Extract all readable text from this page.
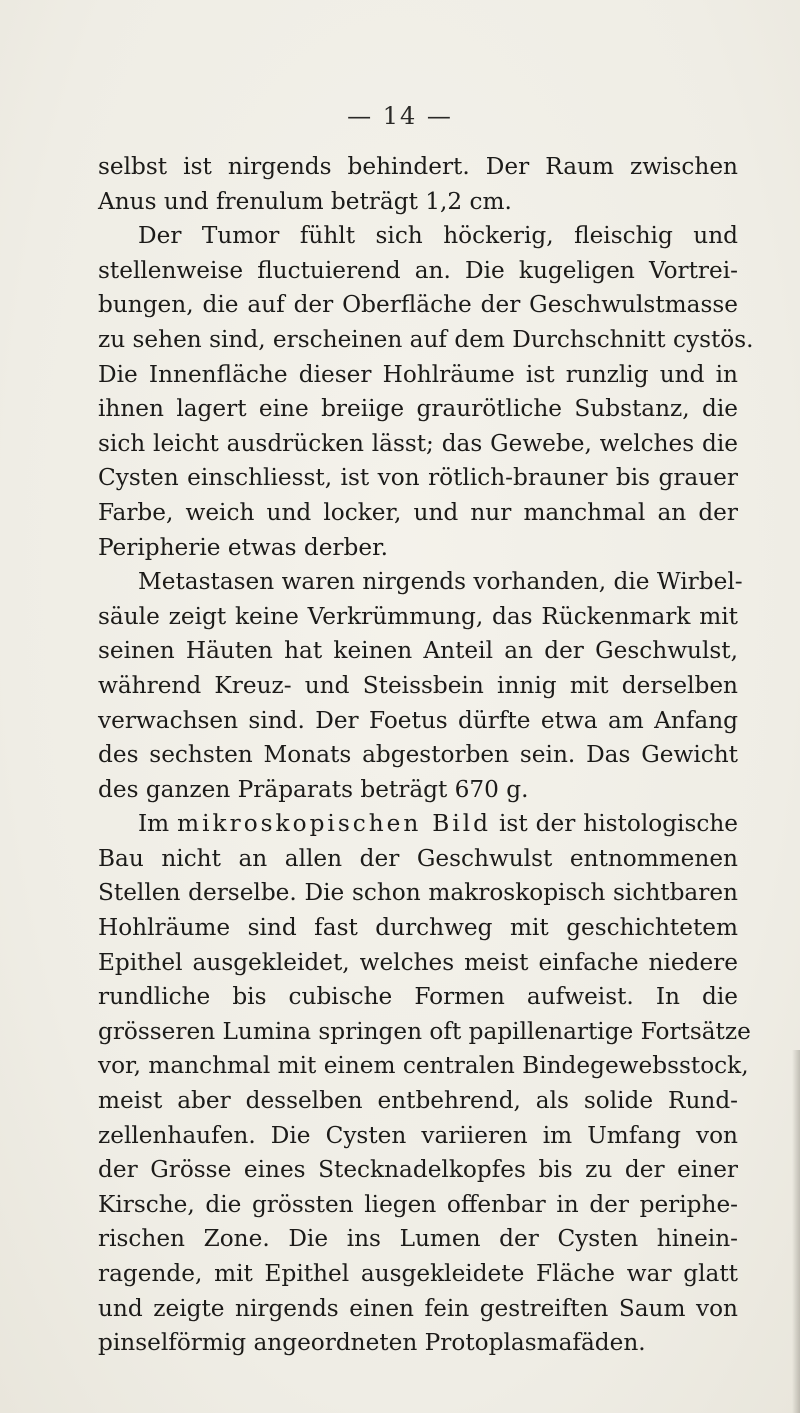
— 14 —
selbst ist nirgends behindert. Der Raum zwischen
Anus und frenulum beträgt 1,2 cm.
Der Tumor fühlt sich höckerig, fleischig und
stellenweise fluctuierend an. Die kugeligen Vortrei-
bungen, die auf der Oberfläche der Geschwulstmasse
zu sehen sind, erscheinen auf dem Durchschnitt cystös.
Die Innenfläche dieser Hohlräume ist runzlig und in
ihnen lagert eine breiige graurötliche Substanz, die
sich leicht ausdrücken lässt; das Gewebe, welches die
Cysten einschliesst, ist von rötlich-brauner bis grauer
Farbe, weich und locker, und nur manchmal an der
Peripherie etwas derber.
Metastasen waren nirgends vorhanden, die Wirbel-
säule zeigt keine Verkrümmung, das Rückenmark mit
seinen Häuten hat keinen Anteil an der Geschwulst,
während Kreuz- und Steissbein innig mit derselben
verwachsen sind. Der Foetus dürfte etwa am Anfang
des sechsten Monats abgestorben sein. Das Gewicht
des ganzen Präparats beträgt 670 g.
Im mikroskopischen Bild ist der histologische
Bau nicht an allen der Geschwulst entnommenen
Stellen derselbe. Die schon makroskopisch sichtbaren
Hohlräume sind fast durchweg mit geschichtetem
Epithel ausgekleidet, welches meist einfache niedere
rundliche bis cubische Formen aufweist. In die
grösseren Lumina springen oft papillenartige Fortsätze
vor, manchmal mit einem centralen Bindegewebsstock,
meist aber desselben entbehrend, als solide Rund-
zellenhaufen. Die Cysten variieren im Umfang von
der Grösse eines Stecknadelkopfes bis zu der einer
Kirsche, die grössten liegen offenbar in der periphe-
rischen Zone. Die ins Lumen der Cysten hinein-
ragende, mit Epithel ausgekleidete Fläche war glatt
und zeigte nirgends einen fein gestreiften Saum von
pinselförmig angeordneten Protoplasmafäden.
